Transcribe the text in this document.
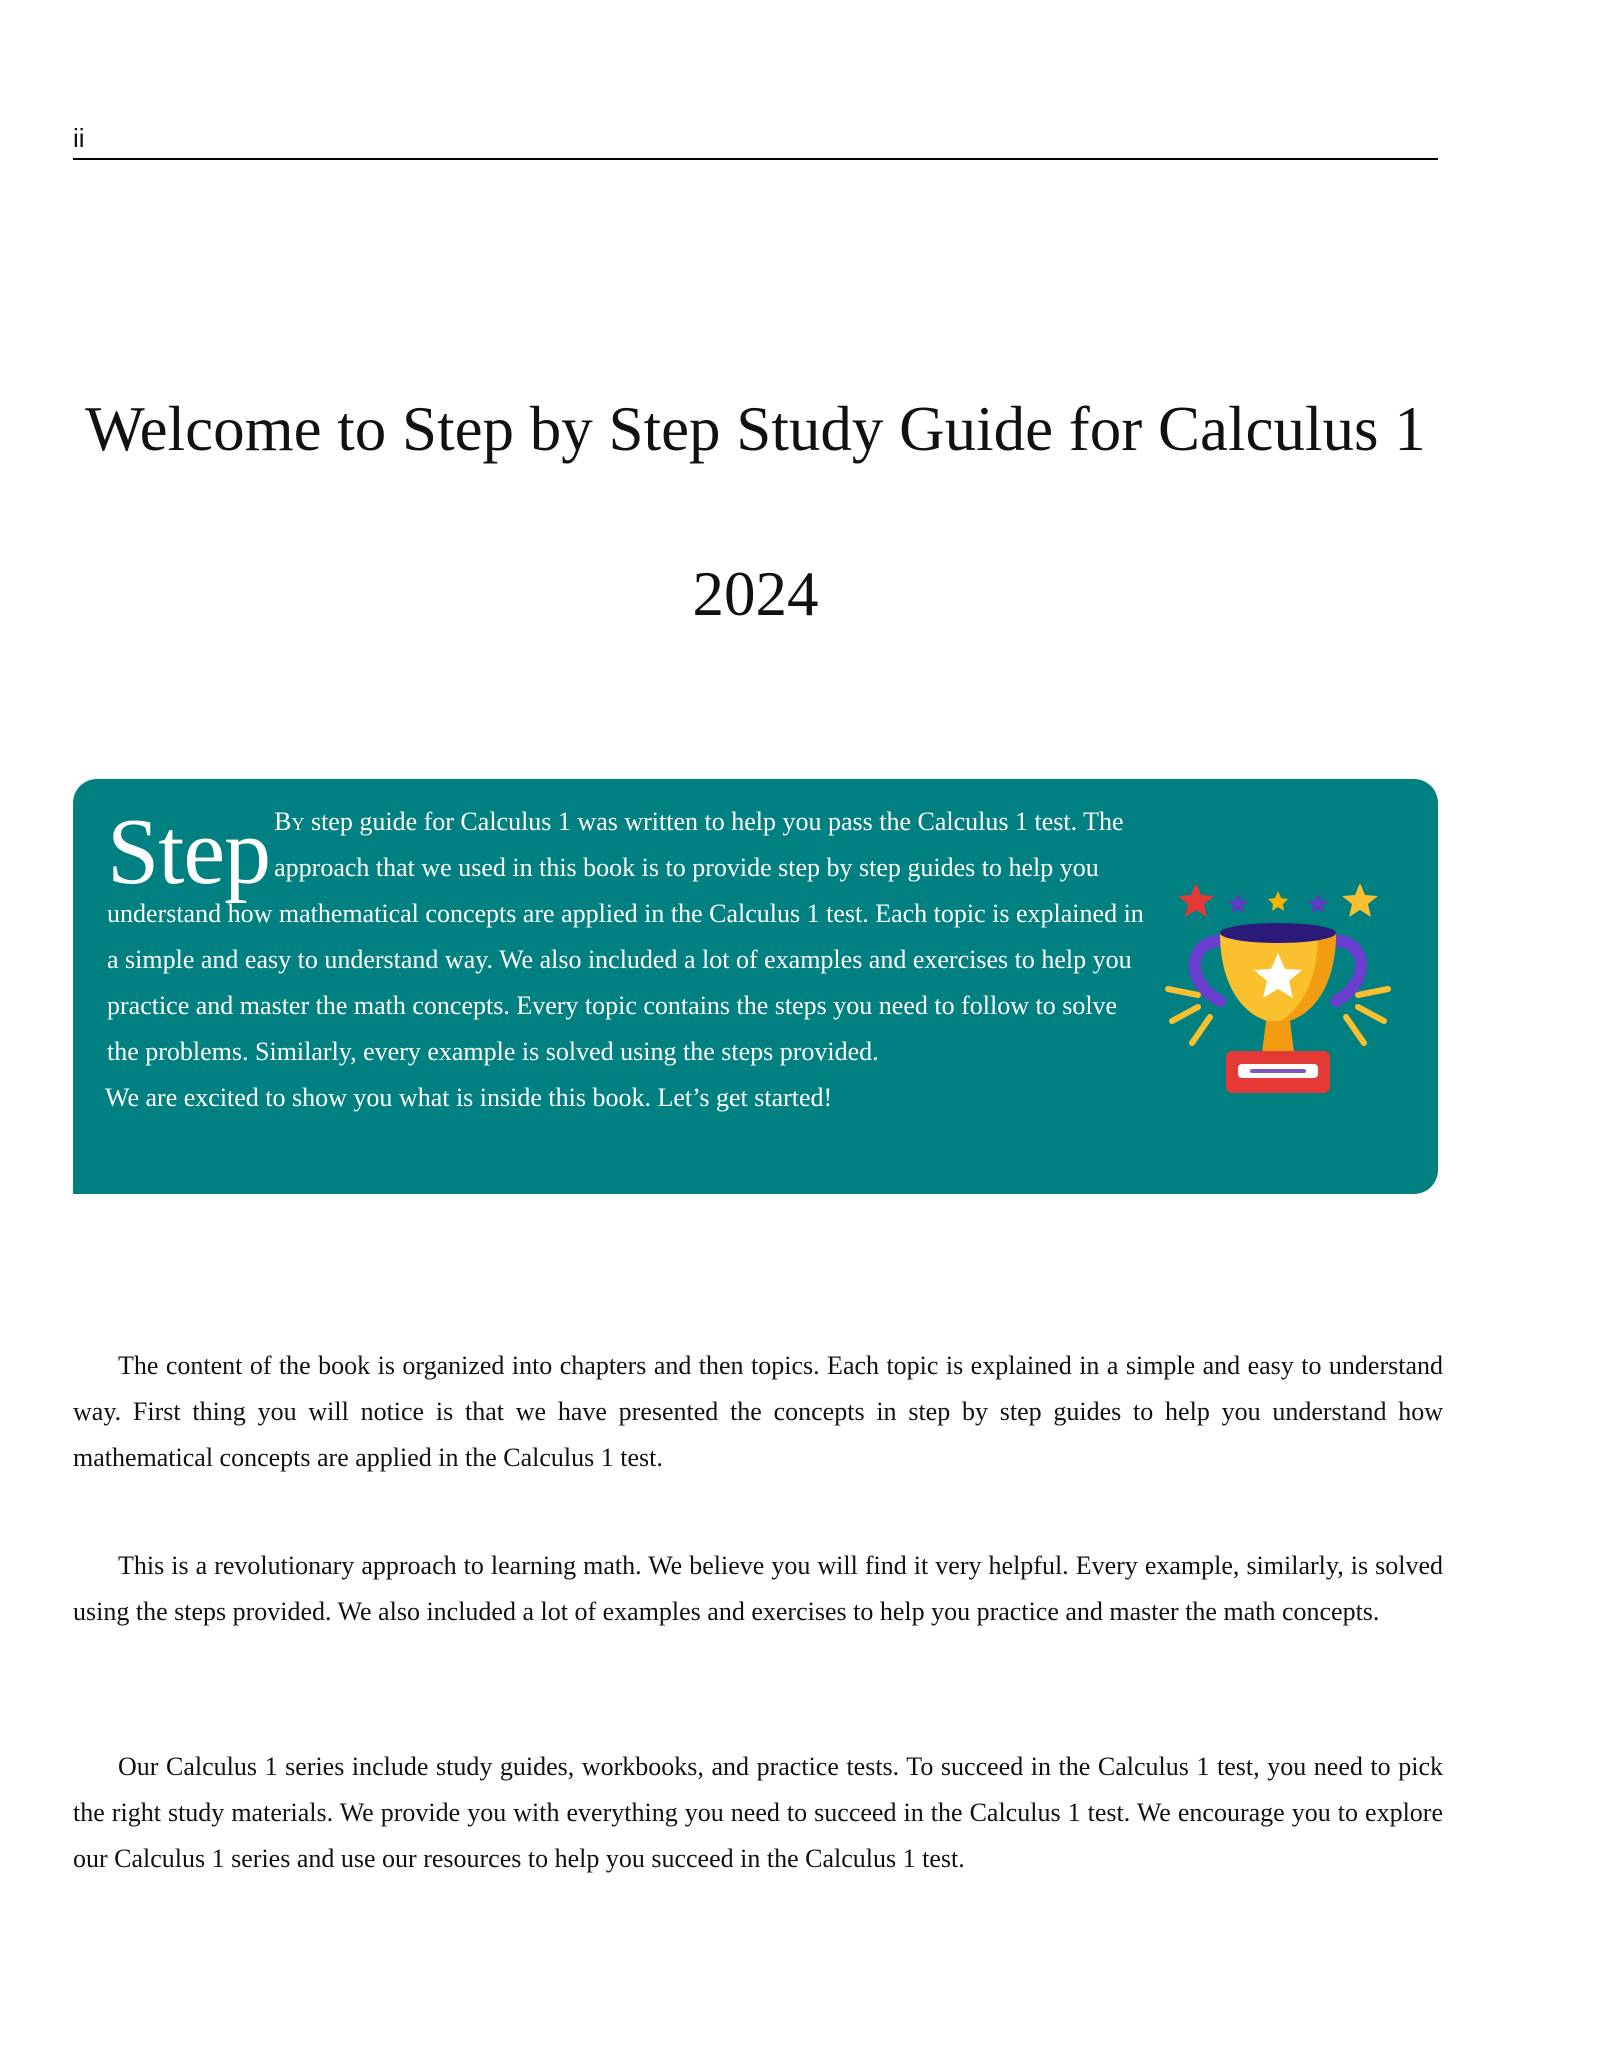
ii
Welcome to Step by Step Study Guide for Calculus 1
2024
Step By step guide for Calculus 1 was written to help you pass the Calculus 1 test. The approach that we used in this book is to provide step by step guides to help you understand how mathematical concepts are applied in the Calculus 1 test. Each topic is explained in a simple and easy to understand way. We also included a lot of examples and exercises to help you practice and master the math concepts. Every topic contains the steps you need to follow to solve the problems. Similarly, every example is solved using the steps provided.
We are excited to show you what is inside this book. Let’s get started!

The content of the book is organized into chapters and then topics. Each topic is explained in a simple and easy to understand way. First thing you will notice is that we have presented the concepts in step by step guides to help you understand how mathematical concepts are applied in the Calculus 1 test.

This is a revolutionary approach to learning math. We believe you will find it very helpful. Every example, similarly, is solved using the steps provided. We also included a lot of examples and exercises to help you practice and master the math concepts.

Our Calculus 1 series include study guides, workbooks, and practice tests. To succeed in the Calculus 1 test, you need to pick the right study materials. We provide you with everything you need to succeed in the Calculus 1 test. We encourage you to explore our Calculus 1 series and use our resources to help you succeed in the Calculus 1 test.
